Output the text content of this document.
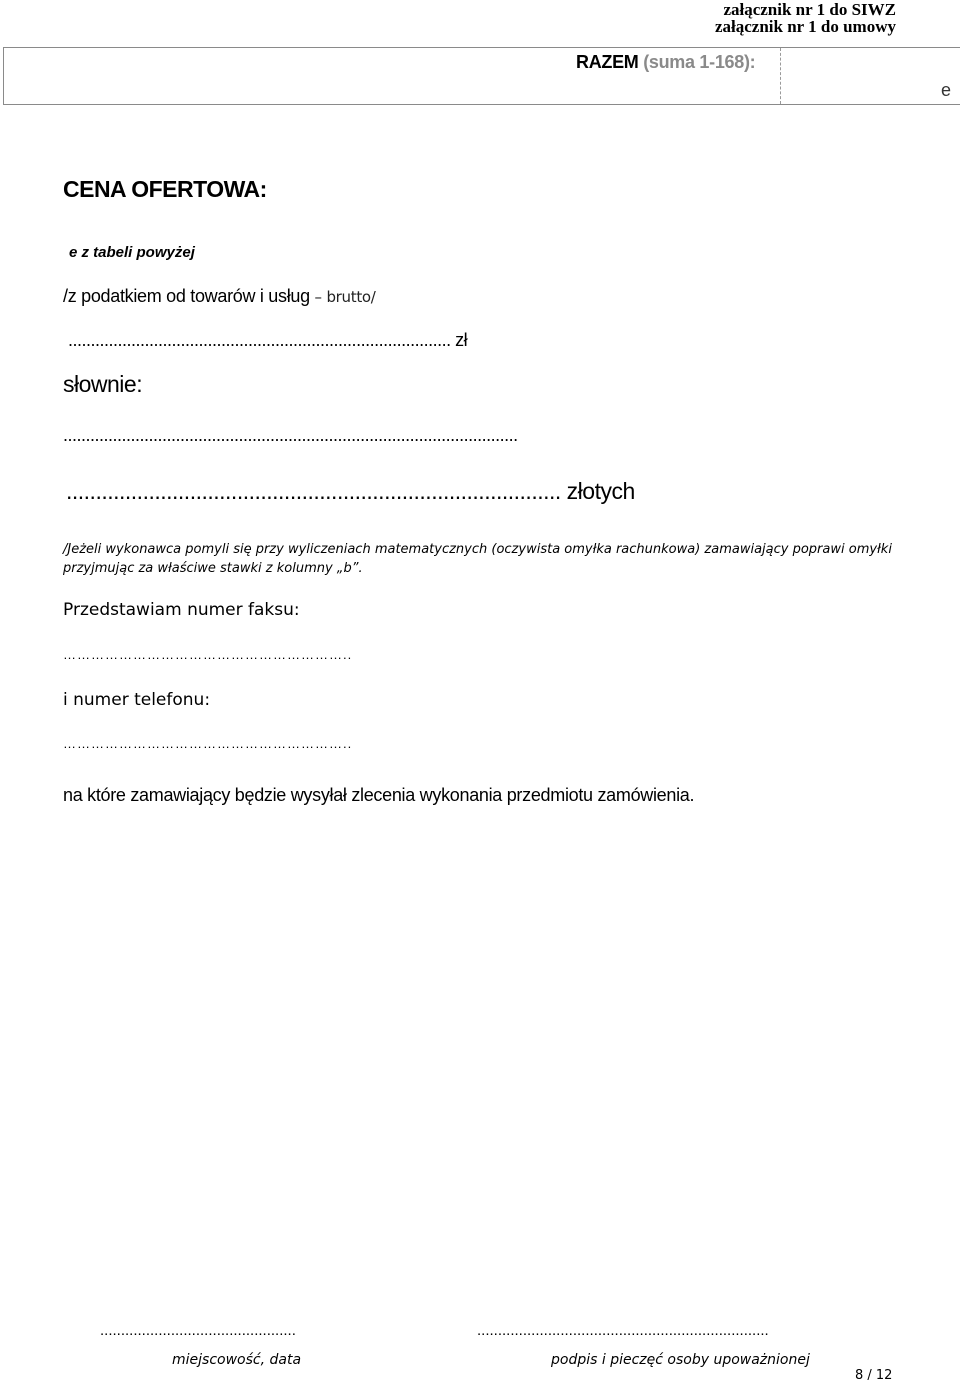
załącznik nr 1 do SIWZ
załącznik nr 1 do umowy
RAZEM (suma 1-168):
e
CENA OFERTOWA:
e z tabeli powyżej
/z podatkiem od towarów i usług – brutto/
..................................................................................... zł
słownie:
.....................................................................................................
.................................................................................... złotych
/Jeżeli wykonawca pomyli się przy wyliczeniach matematycznych (oczywista omyłka rachunkowa) zamawiający poprawi omyłki przyjmując za właściwe stawki z kolumny „b”.
Przedstawiam numer faksu:
……………………………………………………..
i numer telefonu:
……………………………………………………..
na które zamawiający będzie wysyłał zlecenia wykonania przedmiotu zamówienia.
...............................................	......................................................................
miejscowość, data	podpis i pieczęć osoby upoważnionej
8 / 12
